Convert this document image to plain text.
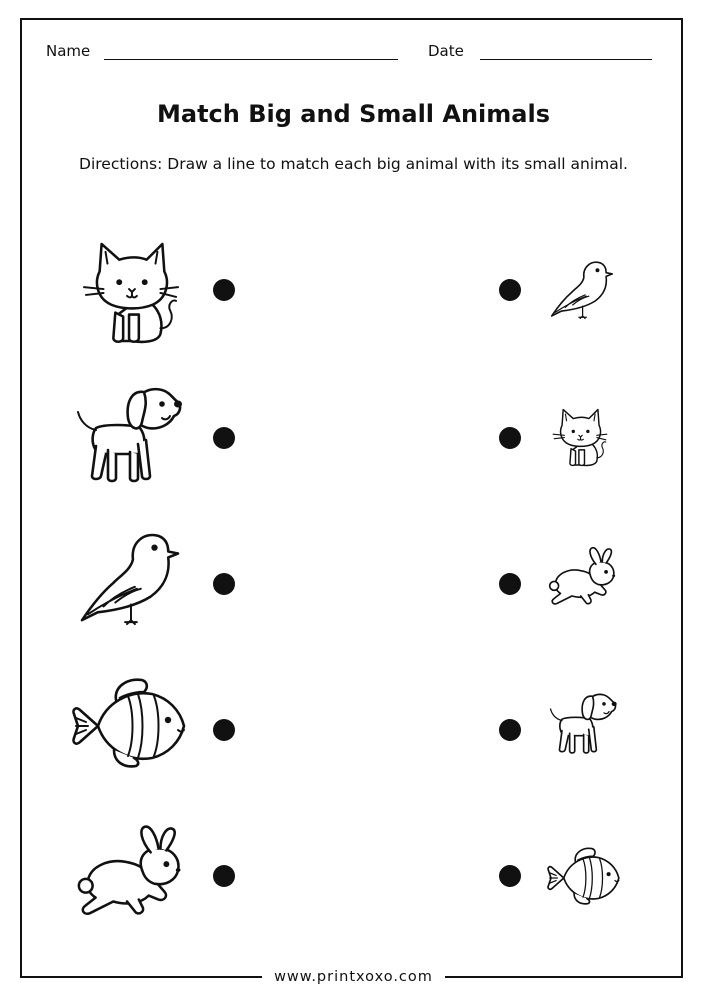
Name	Date
Match Big and Small Animals
Directions: Draw a line to match each big animal with its small animal.
www.printxoxo.com
